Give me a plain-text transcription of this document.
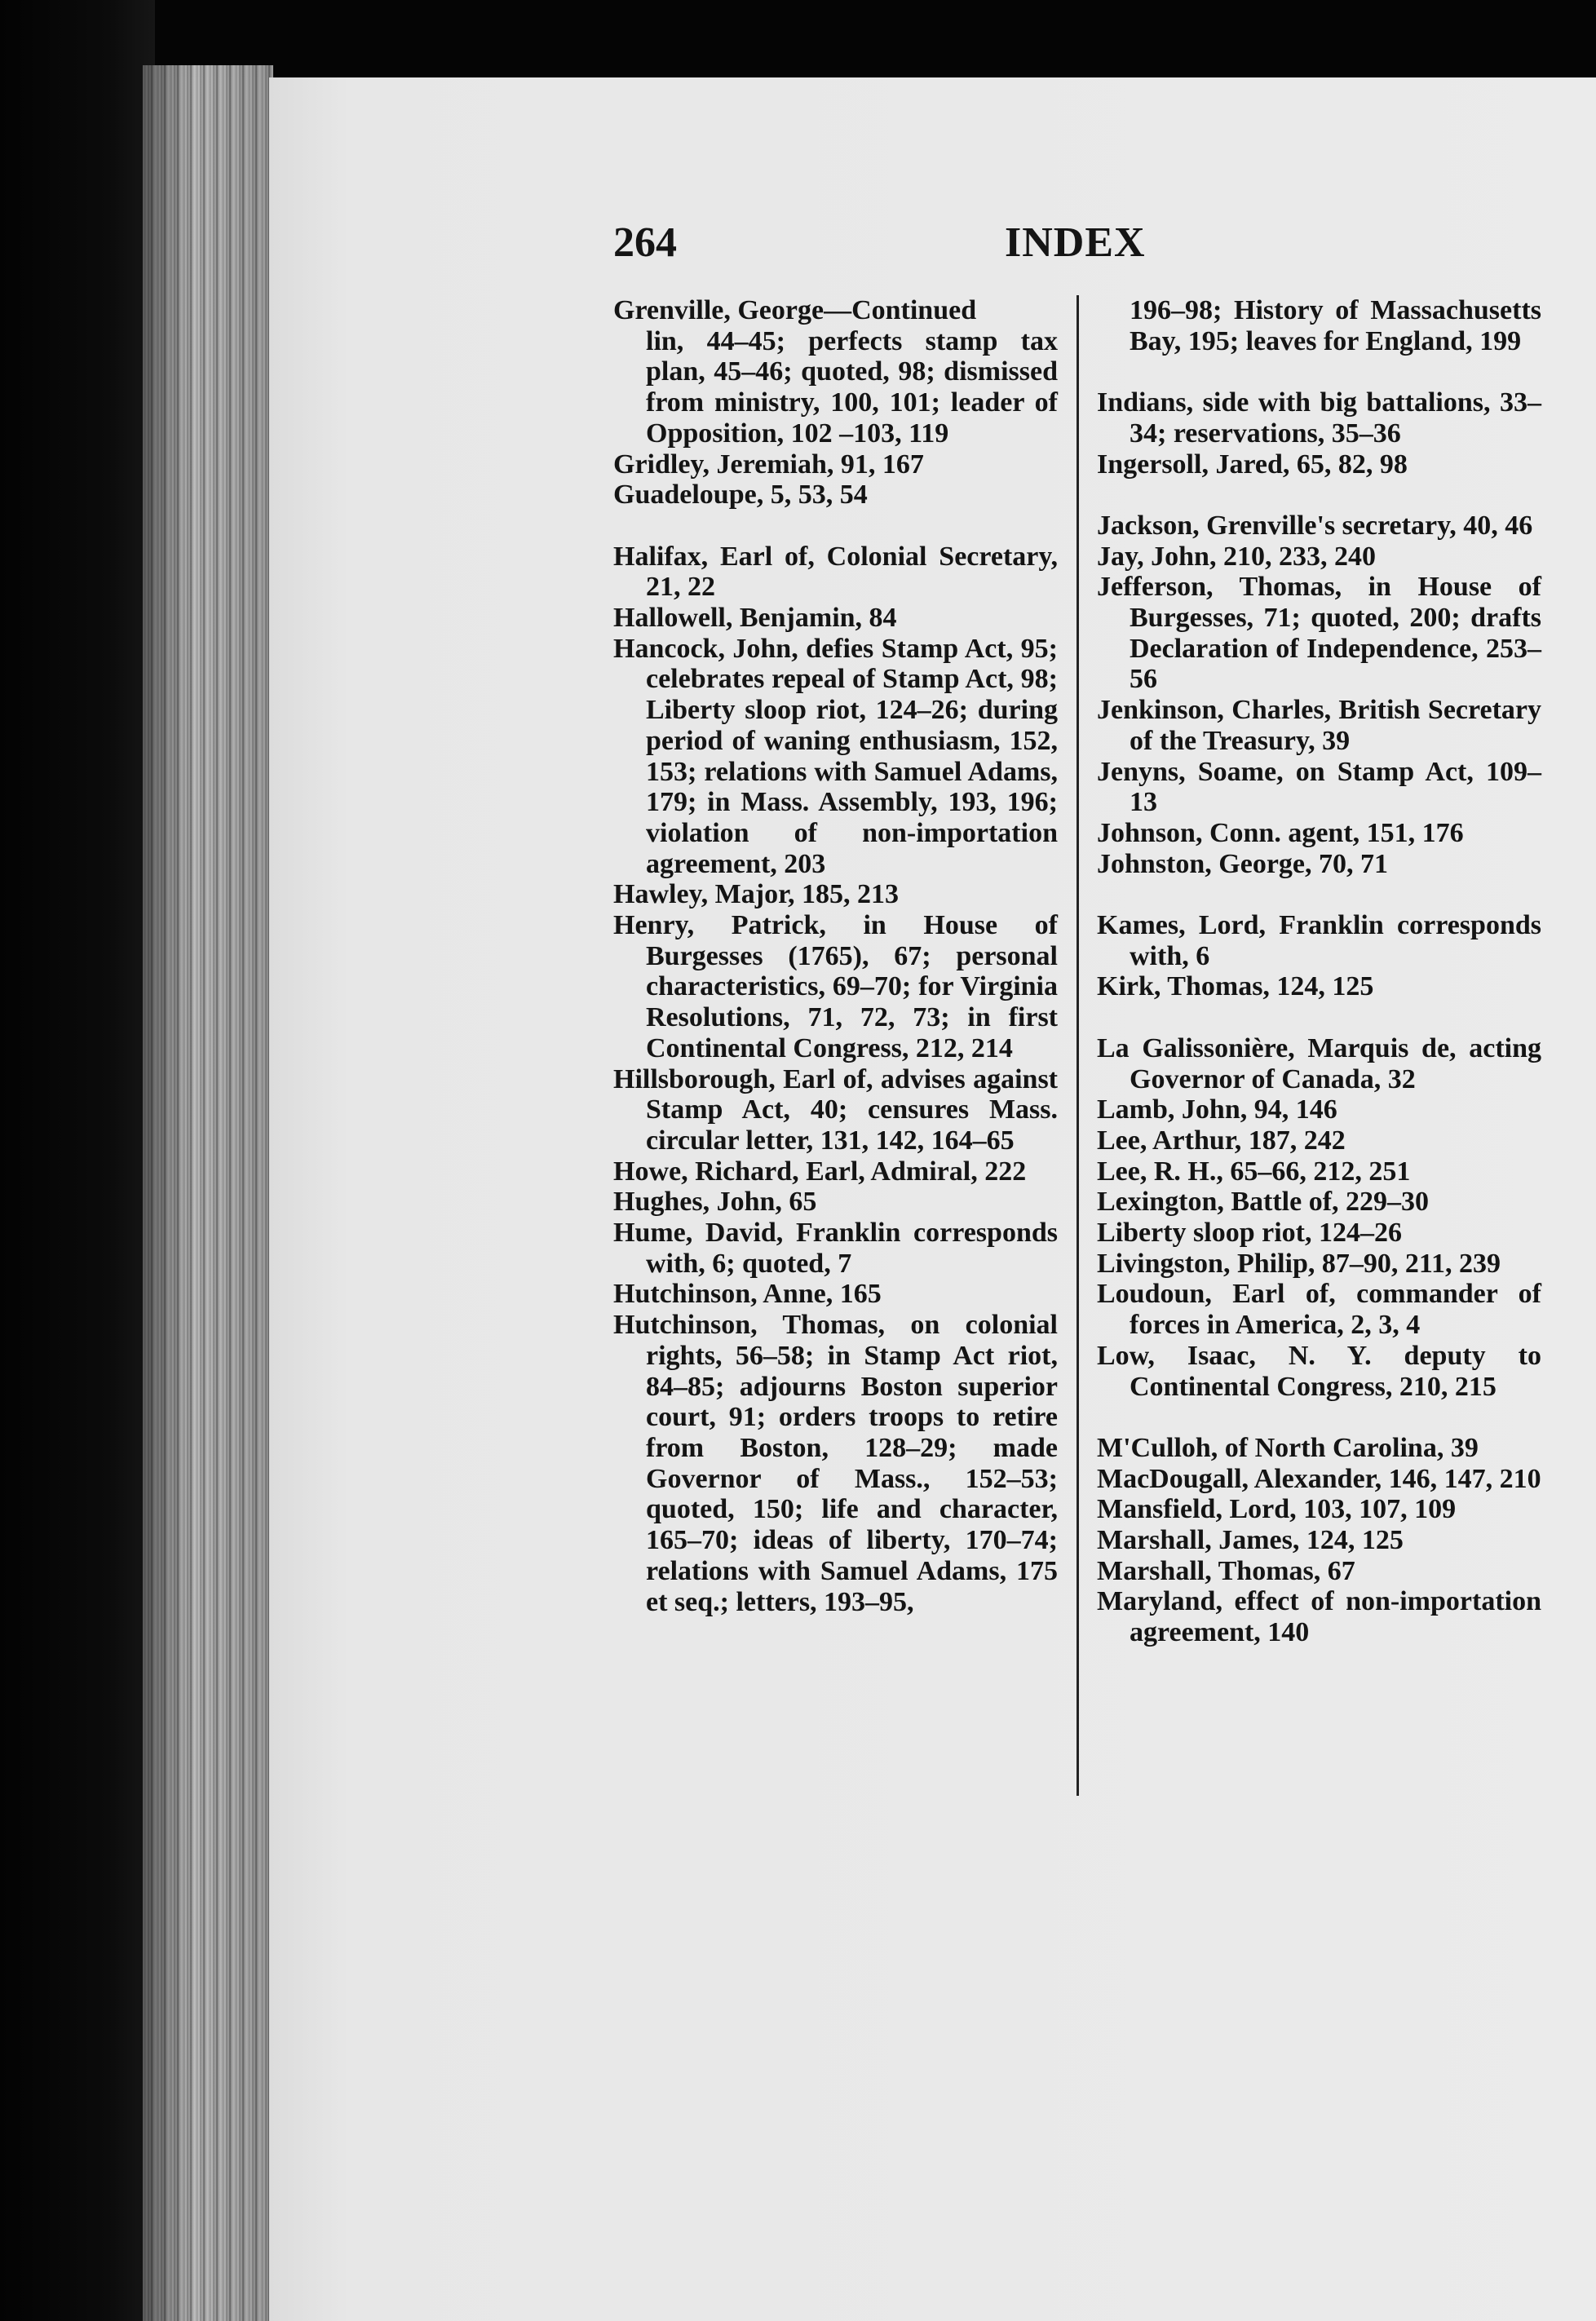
264	INDEX

Grenville, George—Continued

lin, 44–45; perfects stamp tax plan, 45–46; quoted, 98; dismissed from ministry, 100, 101; leader of Opposition, 102 –103, 119

Gridley, Jeremiah, 91, 167

Guadeloupe, 5, 53, 54

Halifax, Earl of, Colonial Secretary, 21, 22

Hallowell, Benjamin, 84

Hancock, John, defies Stamp Act, 95; celebrates repeal of Stamp Act, 98; Liberty sloop riot, 124–26; during period of waning enthusiasm, 152, 153; relations with Samuel Adams, 179; in Mass. Assembly, 193, 196; violation of non-importation agreement, 203

Hawley, Major, 185, 213

Henry, Patrick, in House of Burgesses (1765), 67; personal characteristics, 69–70; for Virginia Resolutions, 71, 72, 73; in first Continental Congress, 212, 214

Hillsborough, Earl of, advises against Stamp Act, 40; censures Mass. circular letter, 131, 142, 164–65

Howe, Richard, Earl, Admiral, 222

Hughes, John, 65

Hume, David, Franklin corresponds with, 6; quoted, 7

Hutchinson, Anne, 165

Hutchinson, Thomas, on colonial rights, 56–58; in Stamp Act riot, 84–85; adjourns Boston superior court, 91; orders troops to retire from Boston, 128–29; made Governor of Mass., 152–53; quoted, 150; life and character, 165–70; ideas of liberty, 170–74; relations with Samuel Adams, 175 et seq.; letters, 193–95,

196–98; History of Massachusetts Bay, 195; leaves for England, 199

Indians, side with big battalions, 33–34; reservations, 35–36

Ingersoll, Jared, 65, 82, 98

Jackson, Grenville's secretary, 40, 46

Jay, John, 210, 233, 240

Jefferson, Thomas, in House of Burgesses, 71; quoted, 200; drafts Declaration of Independence, 253–56

Jenkinson, Charles, British Secretary of the Treasury, 39

Jenyns, Soame, on Stamp Act, 109–13

Johnson, Conn. agent, 151, 176

Johnston, George, 70, 71

Kames, Lord, Franklin corresponds with, 6

Kirk, Thomas, 124, 125

La Galissonière, Marquis de, acting Governor of Canada, 32

Lamb, John, 94, 146

Lee, Arthur, 187, 242

Lee, R. H., 65–66, 212, 251

Lexington, Battle of, 229–30

Liberty sloop riot, 124–26

Livingston, Philip, 87–90, 211, 239

Loudoun, Earl of, commander of forces in America, 2, 3, 4

Low, Isaac, N. Y. deputy to Continental Congress, 210, 215

M'Culloh, of North Carolina, 39

MacDougall, Alexander, 146, 147, 210

Mansfield, Lord, 103, 107, 109

Marshall, James, 124, 125

Marshall, Thomas, 67

Maryland, effect of non-importation agreement, 140
